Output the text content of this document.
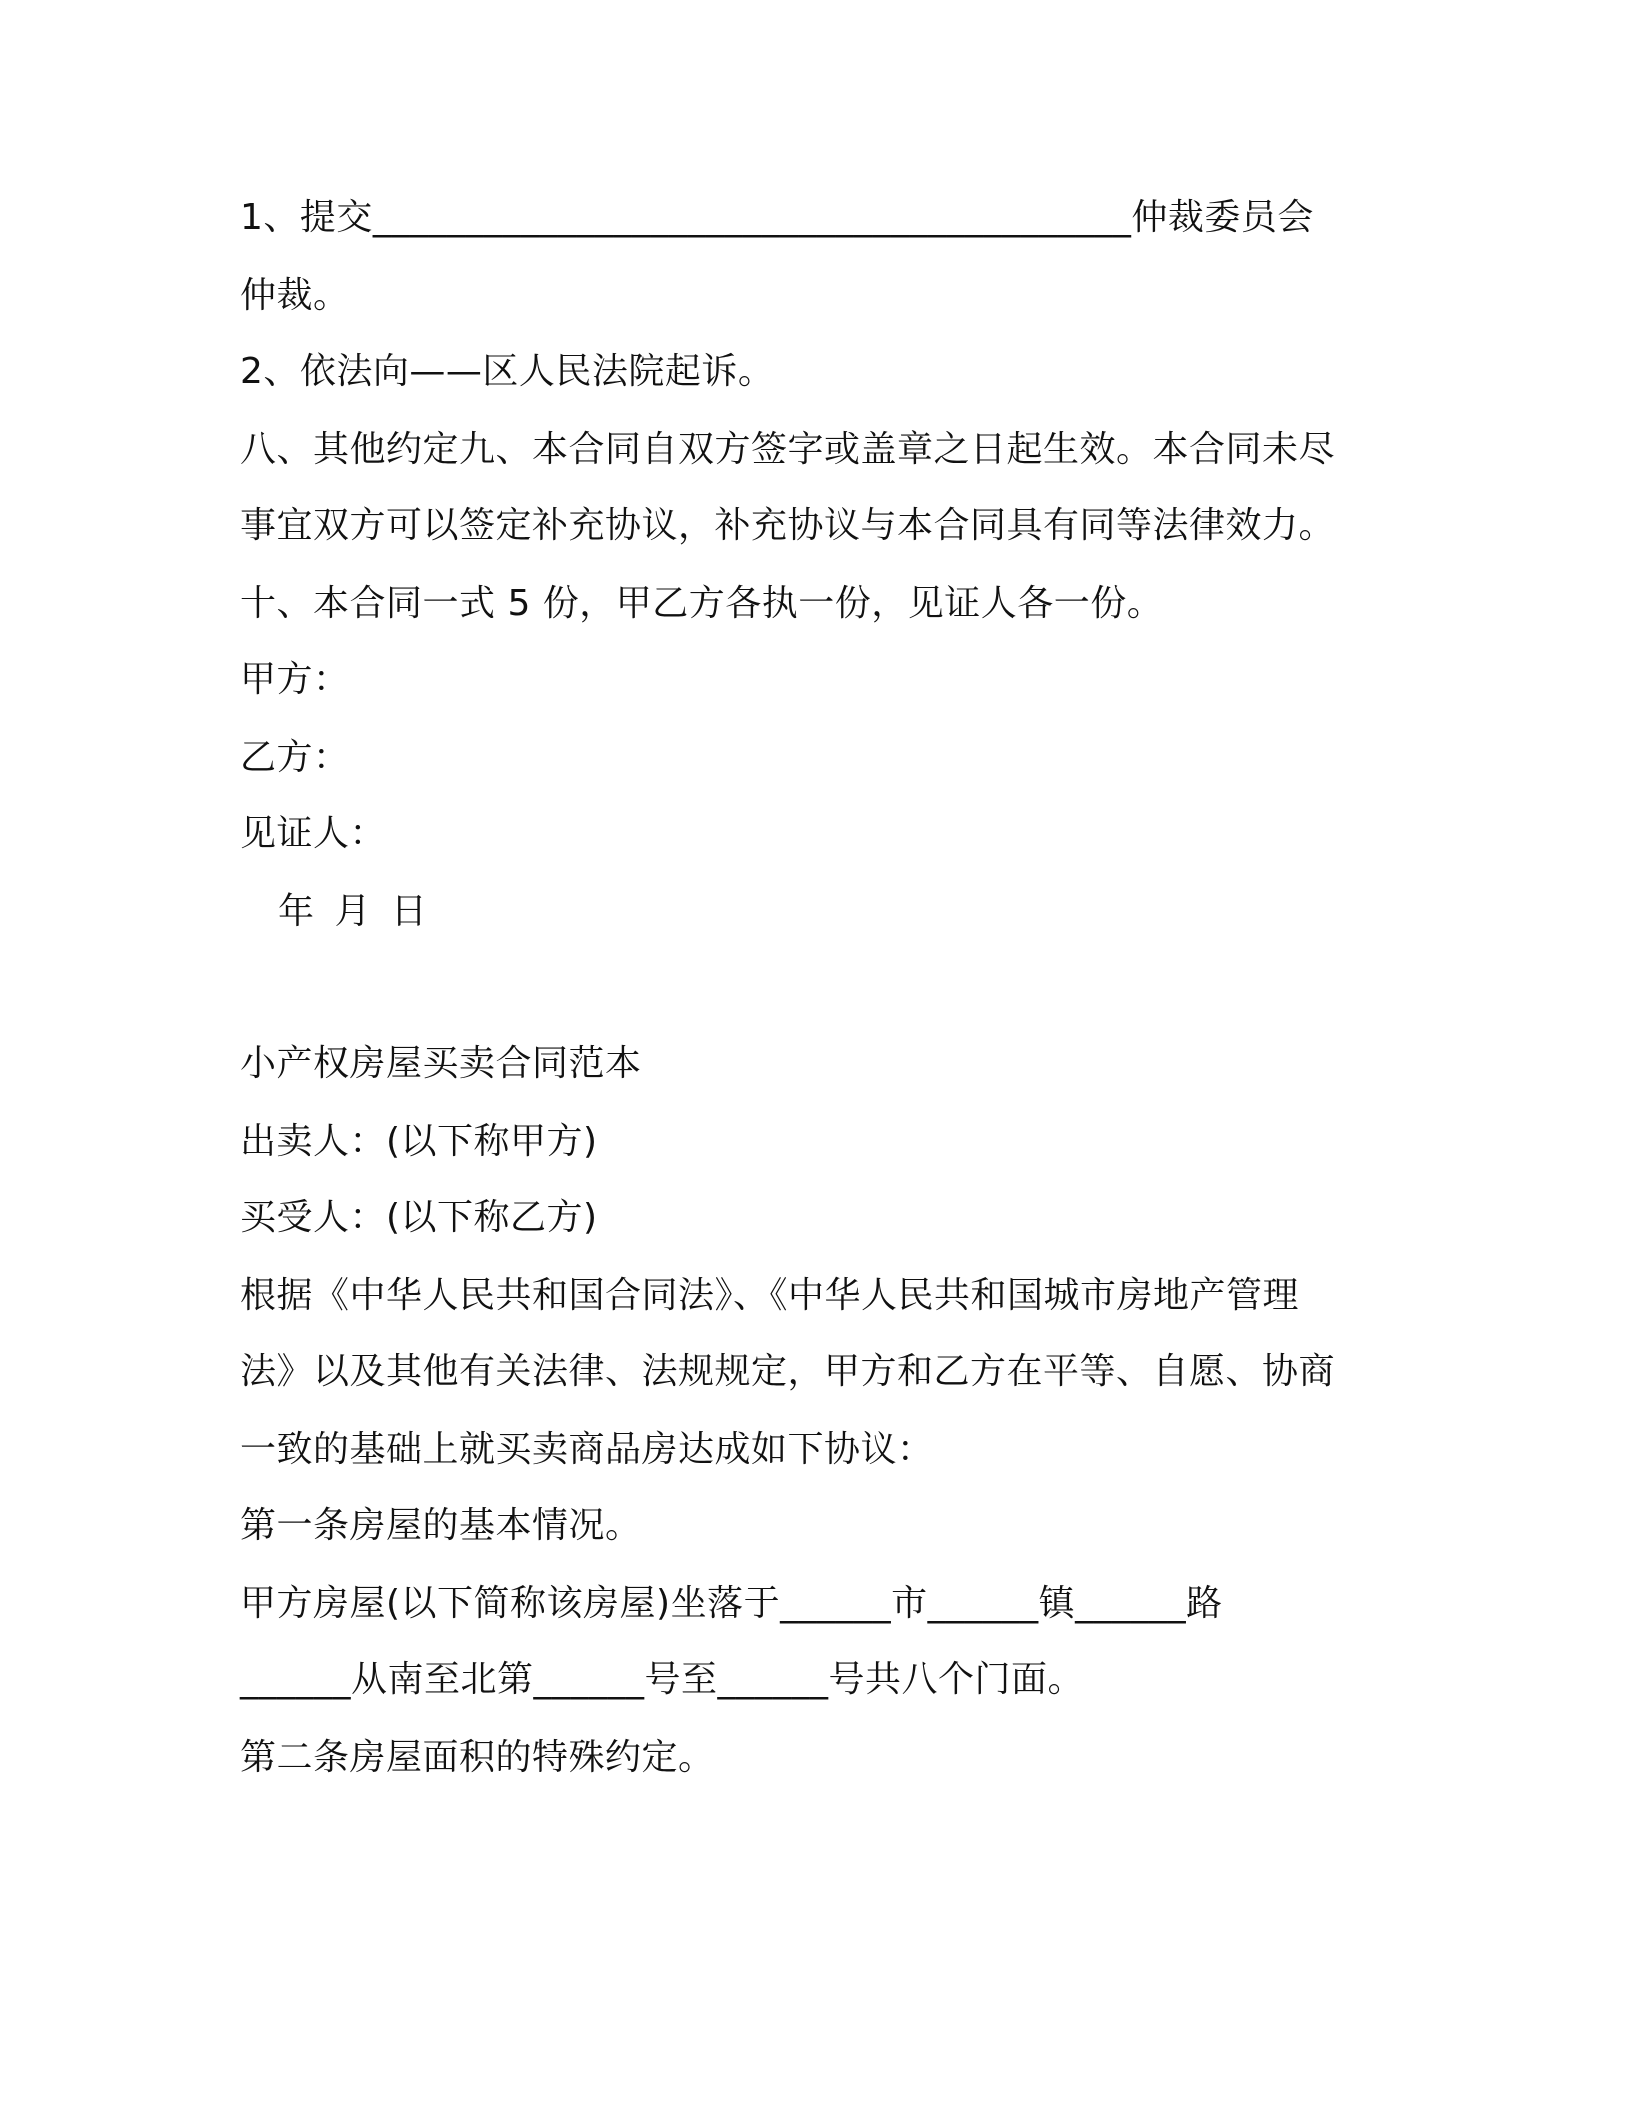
1、提交_________________________________________仲裁委员会
仲裁。
2、依法向——区人民法院起诉。
八、其他约定九、本合同自双方签字或盖章之日起生效。本合同未尽
事宜双方可以签定补充协议，补充协议与本合同具有同等法律效力。
十、本合同一式 5 份，甲乙方各执一份，见证人各一份。
甲方：
乙方：
见证人：
年 月 日
小产权房屋买卖合同范本
出卖人：(以下称甲方)
买受人：(以下称乙方)
根据《中华人民共和国合同法》、《中华人民共和国城市房地产管理
法》以及其他有关法律、法规规定，甲方和乙方在平等、自愿、协商
一致的基础上就买卖商品房达成如下协议：
第一条房屋的基本情况。
甲方房屋(以下简称该房屋)坐落于______市______镇______路
______从南至北第______号至______号共八个门面。
第二条房屋面积的特殊约定。
